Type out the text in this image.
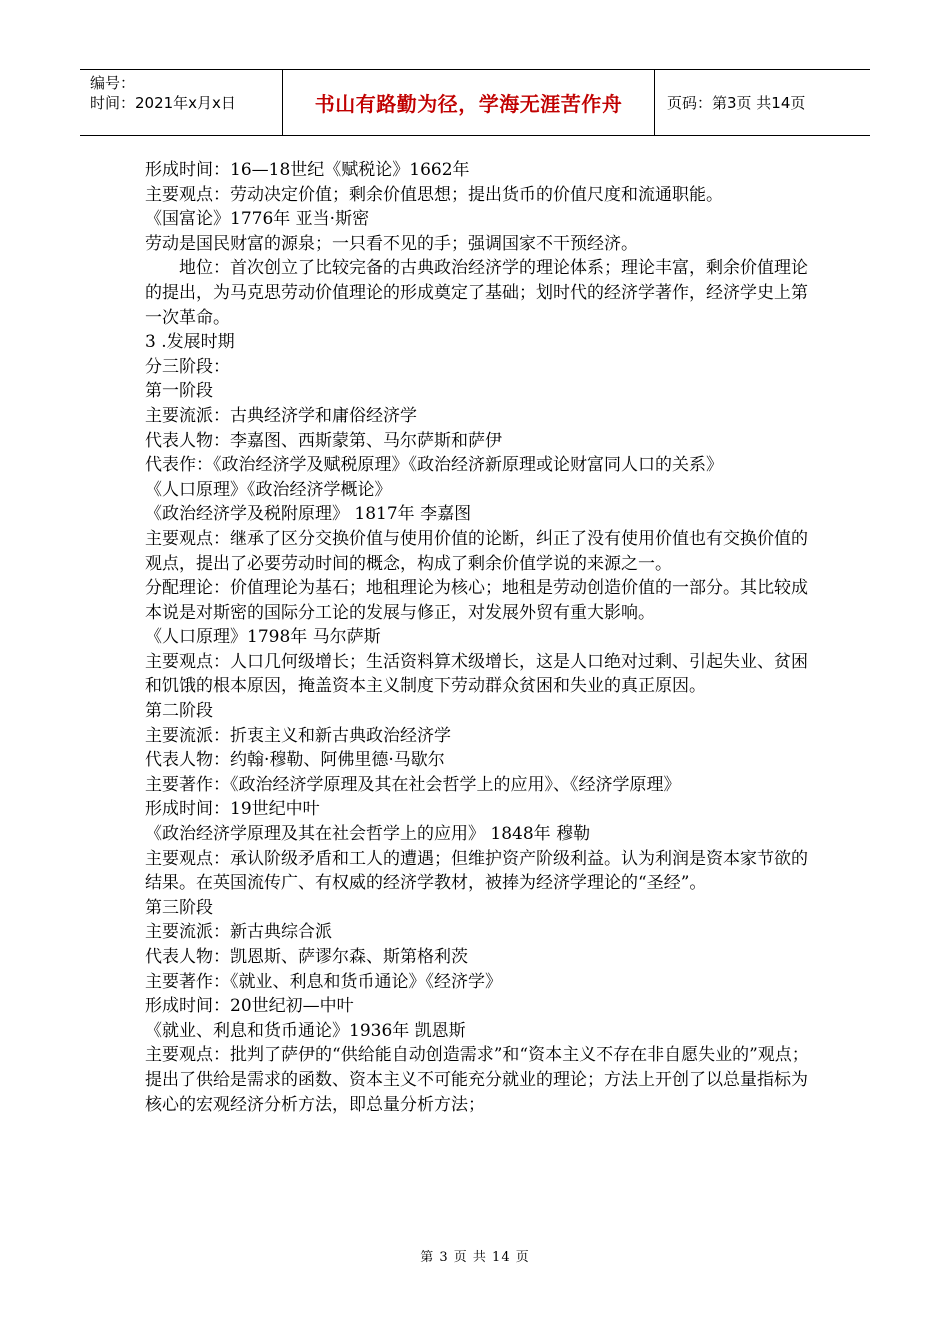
编号：
时间：2021年x月x日	书山有路勤为径，学海无涯苦作舟	页码：第3页 共14页

形成时间：16—18世纪《赋税论》1662年

主要观点：劳动决定价值；剩余价值思想；提出货币的价值尺度和流通职能。

《国富论》1776年 亚当·斯密

劳动是国民财富的源泉；一只看不见的手；强调国家不干预经济。

地位：首次创立了比较完备的古典政治经济学的理论体系；理论丰富，剩余价值理论的提出，为马克思劳动价值理论的形成奠定了基础；划时代的经济学著作，经济学史上第一次革命。

3 .发展时期

分三阶段：

第一阶段

主要流派：古典经济学和庸俗经济学

代表人物：李嘉图、西斯蒙第、马尔萨斯和萨伊

代表作：《政治经济学及赋税原理》《政治经济新原理或论财富同人口的关系》

《人口原理》《政治经济学概论》

《政治经济学及税附原理》 1817年 李嘉图

主要观点：继承了区分交换价值与使用价值的论断，纠正了没有使用价值也有交换价值的观点，提出了必要劳动时间的概念，构成了剩余价值学说的来源之一。

分配理论：价值理论为基石；地租理论为核心；地租是劳动创造价值的一部分。其比较成本说是对斯密的国际分工论的发展与修正，对发展外贸有重大影响。

《人口原理》1798年 马尔萨斯

主要观点：人口几何级增长；生活资料算术级增长，这是人口绝对过剩、引起失业、贫困和饥饿的根本原因，掩盖资本主义制度下劳动群众贫困和失业的真正原因。

第二阶段

主要流派：折衷主义和新古典政治经济学

代表人物：约翰·穆勒、阿佛里德·马歇尔

主要著作：《政治经济学原理及其在社会哲学上的应用》、《经济学原理》

形成时间：19世纪中叶

《政治经济学原理及其在社会哲学上的应用》 1848年 穆勒

主要观点：承认阶级矛盾和工人的遭遇；但维护资产阶级利益。认为利润是资本家节欲的结果。在英国流传广、有权威的经济学教材，被捧为经济学理论的“圣经”。

第三阶段

主要流派：新古典综合派

代表人物：凯恩斯、萨谬尔森、斯第格利茨

主要著作：《就业、利息和货币通论》《经济学》

形成时间：20世纪初—中叶

《就业、利息和货币通论》1936年 凯恩斯

主要观点：批判了萨伊的“供给能自动创造需求”和“资本主义不存在非自愿失业的”观点；提出了供给是需求的函数、资本主义不可能充分就业的理论；方法上开创了以总量指标为核心的宏观经济分析方法，即总量分析方法；

第 3 页 共 14 页
